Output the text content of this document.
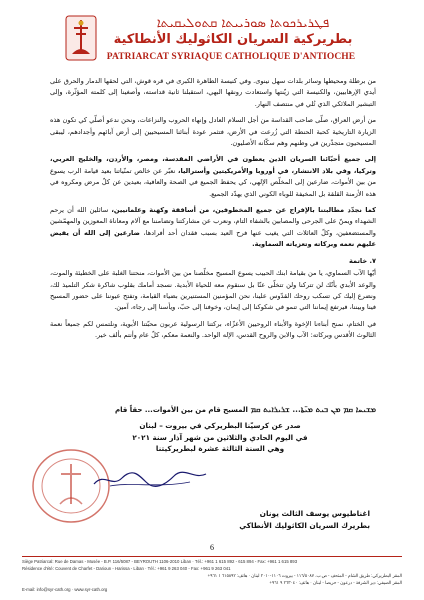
ܦܛܪܝܪܟܘܬܐ ܣܘܪܝܝܬܐ ܩܬܘܠܝܩܝܬܐ
بطريركية السريان الكاثوليك الأنطاكية
PATRIARCAT SYRIAQUE CATHOLIQUE D'ANTIOCHE

من برطلة ومحيطها وسائر بلدات سهل نينوى. وفي كنيسة الطاهرة الكبرى في قره قوش، التي لحقها الدمار والحرق على أيدي الإرهابيين، والكنيسة التي زيّنتها واستعادت رونقها البهي، استقبلنا ثانية قداسته، وأصغينا إلى كلمته المؤثّرة، وإلى التبشير الملائكي الذي تُلي في منتصف النهار.

من أرض العراق، صلّى صاحب القداسة من أجل السلام العادل وإنهاء الحروب والنزاعات، ونحن ندعو أصلّي كي تكون هذه الزيارة التاريخية كحبة الحنطة التي زُرعت في الأرض، فتثمر عودة أبنائنا المسيحيين إلى أرض آبائهم وأجدادهم، ليبقى المسيحيون متجذّرين في وطنهم وهم سكّانه الأصليون.

إلى جميع أحبّائنا السريان الذين يعطون في الأراضي المقدسة، ومصر، والأردن، والخليج العربي، وتركيا، وفي بلاد الانتشار، في أوروبا والأمريكيتين وأستراليا، نعبّر عن خالص تمنّياتنا بعيد قيامة الرب يسوع من بين الأموات، ضارعين إلى المخلّص الإلهي، كي يحفظ الجميع في الصحة والعافية، بعيدين عن كلّ مرض ومكروه في هذه الأزمنة القلقة بل المخيفة للوباء الكوني الذي يهدّد الجميع.

كما نجدّد مطالبتنا بالإفراج عن جميع المخطوفين، من أساقفة وكهنة وعلمانيين، سائلين الله أن يرحم الشهداء ويمنّ على الجرحى والمصابين بالشفاء التام، ونعرب عن مشاركتنا وتضامننا مع آلام ومعاناة المعوزين والمهمّشين والمستضعفين، وكلّ العائلات التي يغيب عنها فرح العيد بسبب فقدان أحد أفرادها، ضارعين إلى الله أن يفيض عليهم نعمه وبركاته وتعزياته السماوية.

٧. خاتمة

أيّها الآب السماوي، يا من بقيامة ابنك الحبيب يسوع المسيح مخلّصنا من بين الأموات، منحتنا الغلبة على الخطيئة والموت، والوعد الأبدي بأنّك لن تتركنا ولن تتخلّى عنّا بل سنقوم معه للحياة الأبدية. نسجد أمامك بقلوب شاكرة شكر التلميذ لك، ونضرع إليك كي تسكب روحك القدّوس علينا، نحن المؤمنين المستنيرين بضياء القيامة، وتفتح عيوننا على حضور المسيح فينا وبيننا، فيرتفع إيماننا التي تنمو في شكوكنا إلى إيمان، وخوفنا إلى حبّ، ويأسنا إلى رجاء، آمين.

في الختام، نمنح أبناءنا الإخوة والأبناء الروحيين الأعزّاء، بركتنا الرسولية عربون محبّتنا الأبوية، ونلتمس لكم جميعاً نعمة الثالوث الأقدس وبركاته: الآب والابن والروح القدس، الإله الواحد. والنعمة معكم، كلّ عام وأنتم بألف خير.

ܡܫܝܚܐ ܩܡ ܡܢ ܒܝܬ ܡܝ̈ܬܐ... ܫܪܝܪܐܝܬ ܩܡ المسيح قام من بين الأموات... حقاً قام
صدر عن كرسيّنا البطريركي في بيروت – لبنان
في اليوم الحادي والثلاثين من شهر آذار سنة ٢٠٢١
وهي السنة الثالثة عشرة لبطريركيتنا
اغناطيوس يوسف الثالث يونان
بطريرك السريان الكاثوليك الأنطاكي
6
Siège Patriarcal: Rue de Damas - Musée - B.P. 116/5087 - BEYROUTH 1106-2010 Liban · Tél.: +961 1 615 892 - 615 894 - Fax: +961 1 615 893
Résidence d'été: Couvent de Charfet - Darioun - Harissa - Liban · Tél.: +961 9 263 040 - Fax: +961 9 263 041
المقر البطريركي: طريق الشام - المتحف - ص.ب. ١١٦/٥٠٨٧ - بيروت ١١٠٦-٢٠١٠ لبنان · هاتف: ٦١٥٨٩٢ ١ ٩٦١+
المقر الصيفي: دير الشرفة - درعون - حريصا - لبنان · هاتف: ٢٦٣٠٤٠ ٩ ٩٦١+
E-mail: info@syr-cath.org · www.syr-cath.org
